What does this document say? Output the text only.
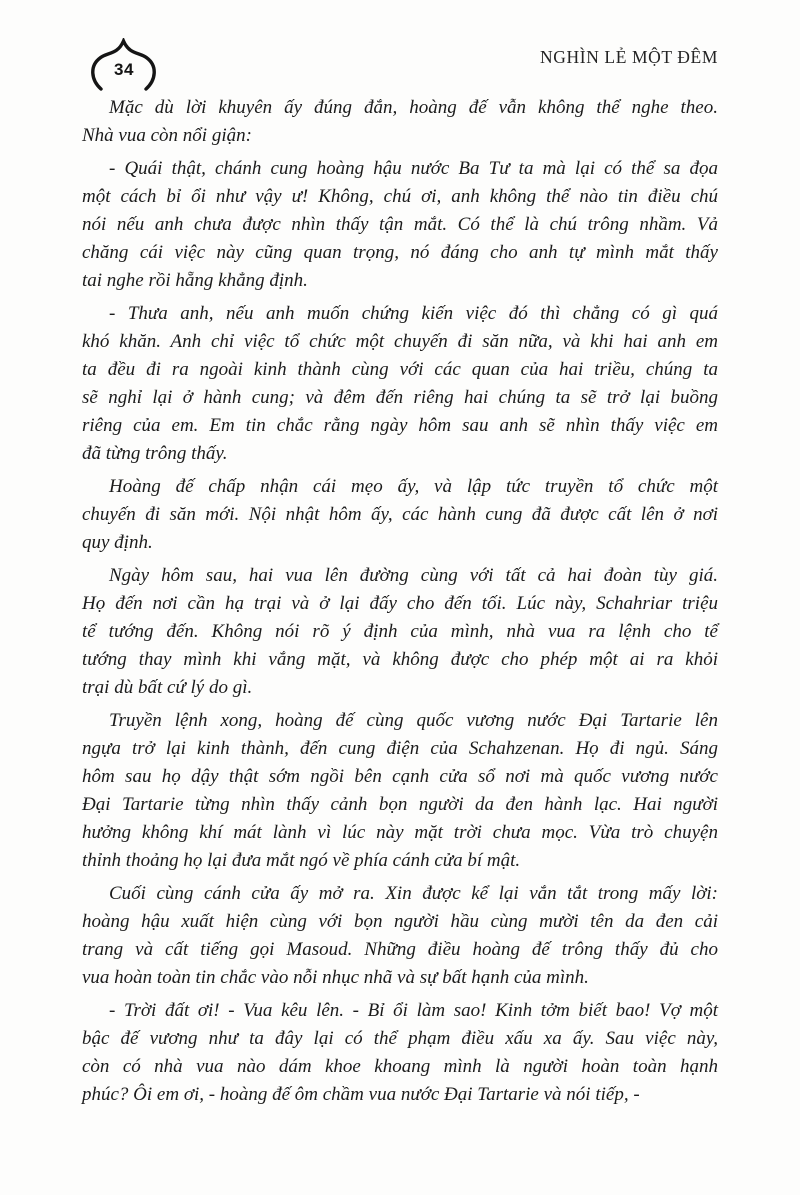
34
NGHÌN LẺ MỘT ĐÊM

Mặc dù lời khuyên ấy đúng đắn, hoàng đế vẫn không thể nghe theo.
Nhà vua còn nổi giận:

- Quái thật, chánh cung hoàng hậu nước Ba Tư ta mà lại có thể sa đọa
một cách bỉ ổi như vậy ư! Không, chú ơi, anh không thể nào tin điều chú
nói nếu anh chưa được nhìn thấy tận mắt. Có thể là chú trông nhầm. Vả
chăng cái việc này cũng quan trọng, nó đáng cho anh tự mình mắt thấy
tai nghe rồi hẵng khẳng định.

- Thưa anh, nếu anh muốn chứng kiến việc đó thì chẳng có gì quá
khó khăn. Anh chỉ việc tổ chức một chuyến đi săn nữa, và khi hai anh em
ta đều đi ra ngoài kinh thành cùng với các quan của hai triều, chúng ta
sẽ nghỉ lại ở hành cung; và đêm đến riêng hai chúng ta sẽ trở lại buồng
riêng của em. Em tin chắc rằng ngày hôm sau anh sẽ nhìn thấy việc em
đã từng trông thấy.

Hoàng đế chấp nhận cái mẹo ấy, và lập tức truyền tổ chức một
chuyến đi săn mới. Nội nhật hôm ấy, các hành cung đã được cất lên ở nơi
quy định.

Ngày hôm sau, hai vua lên đường cùng với tất cả hai đoàn tùy giá.
Họ đến nơi cần hạ trại và ở lại đấy cho đến tối. Lúc này, Schahriar triệu
tể tướng đến. Không nói rõ ý định của mình, nhà vua ra lệnh cho tể
tướng thay mình khi vắng mặt, và không được cho phép một ai ra khỏi
trại dù bất cứ lý do gì.

Truyền lệnh xong, hoàng đế cùng quốc vương nước Đại Tartarie lên
ngựa trở lại kinh thành, đến cung điện của Schahzenan. Họ đi ngủ. Sáng
hôm sau họ dậy thật sớm ngồi bên cạnh cửa sổ nơi mà quốc vương nước
Đại Tartarie từng nhìn thấy cảnh bọn người da đen hành lạc. Hai người
hưởng không khí mát lành vì lúc này mặt trời chưa mọc. Vừa trò chuyện
thỉnh thoảng họ lại đưa mắt ngó về phía cánh cửa bí mật.

Cuối cùng cánh cửa ấy mở ra. Xin được kể lại vắn tắt trong mấy lời:
hoàng hậu xuất hiện cùng với bọn người hầu cùng mười tên da đen cải
trang và cất tiếng gọi Masoud. Những điều hoàng đế trông thấy đủ cho
vua hoàn toàn tin chắc vào nỗi nhục nhã và sự bất hạnh của mình.

- Trời đất ơi! - Vua kêu lên. - Bỉ ổi làm sao! Kinh tởm biết bao! Vợ một
bậc đế vương như ta đây lại có thể phạm điều xấu xa ấy. Sau việc này,
còn có nhà vua nào dám khoe khoang mình là người hoàn toàn hạnh
phúc? Ôi em ơi, - hoàng đế ôm chầm vua nước Đại Tartarie và nói tiếp, -
